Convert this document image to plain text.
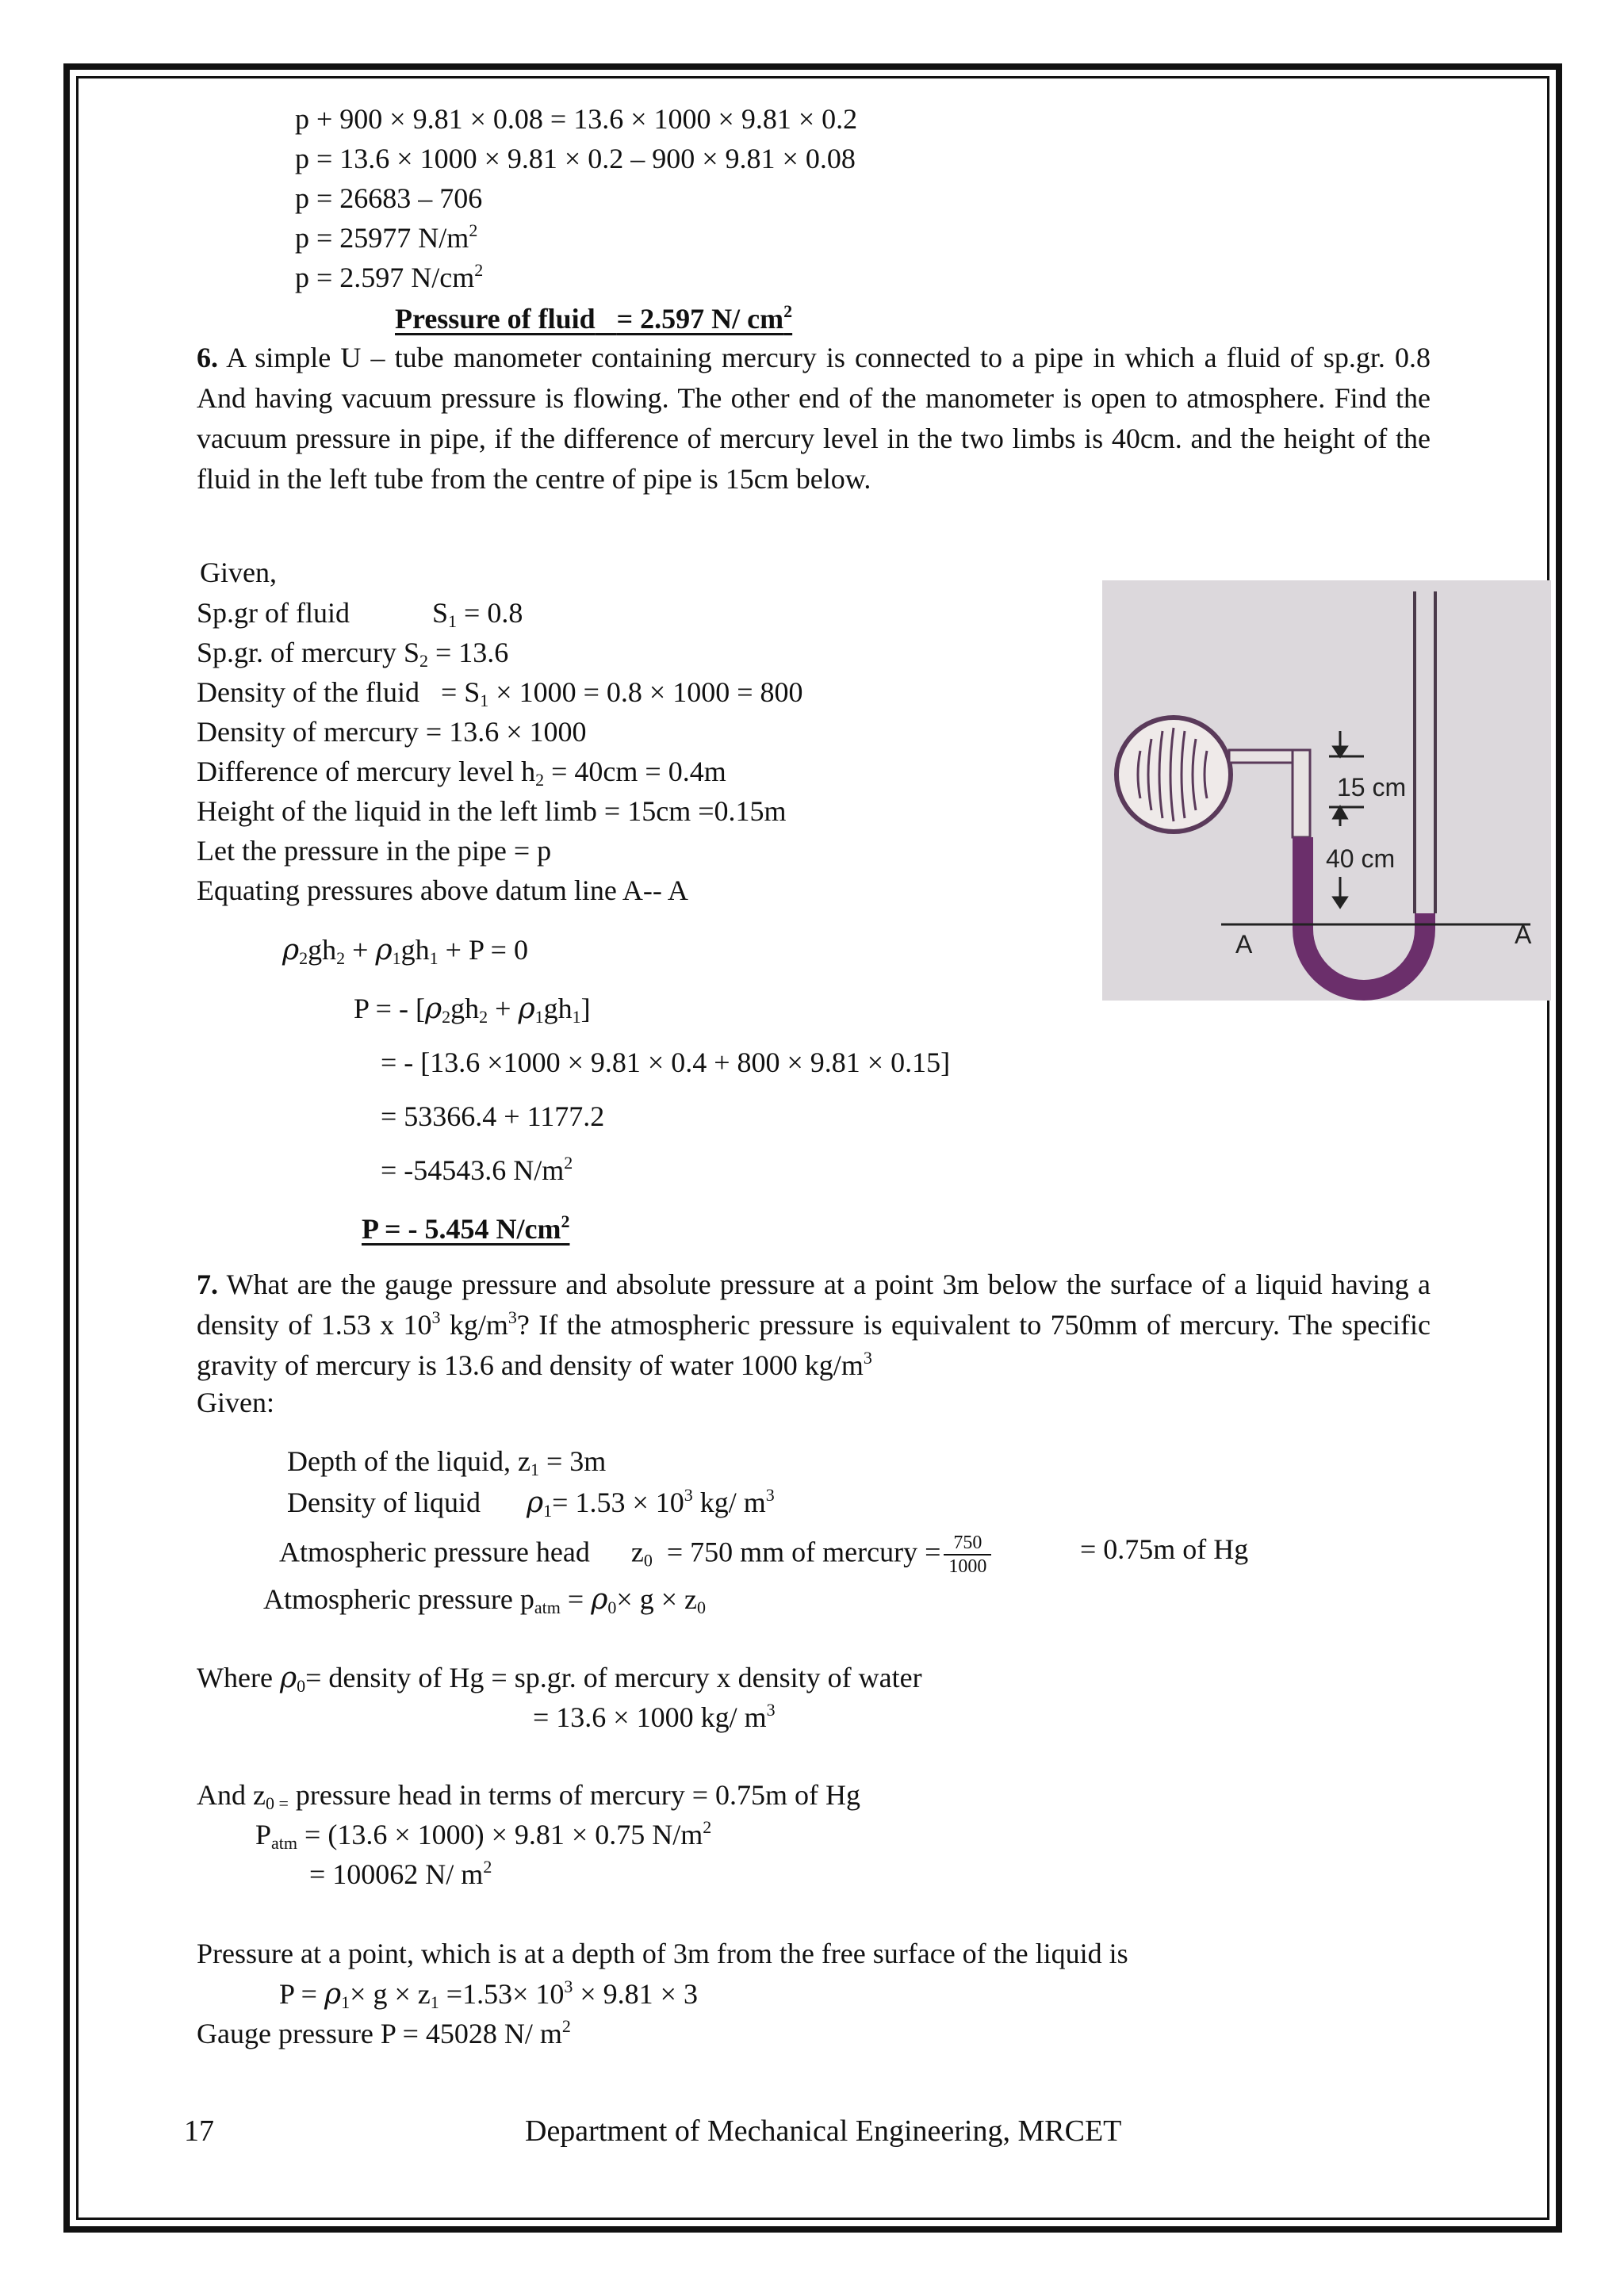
p + 900 × 9.81 × 0.08 = 13.6 × 1000 × 9.81 × 0.2
p = 13.6 × 1000 × 9.81 × 0.2 – 900 × 9.81 × 0.08
p = 26683 – 706
p = 25977 $N/m^2$
p = 2.597 $N/cm^2$
Pressure of fluid = 2.597 N/ $cm^2$
6. A simple U – tube manometer containing mercury is connected to a pipe in which a fluid of sp.gr. 0.8 And having vacuum pressure is flowing. The other end of the manometer is open to atmosphere. Find the vacuum pressure in pipe, if the difference of mercury level in the two limbs is 40cm. and the height of the fluid in the left tube from the centre of pipe is 15cm below.
Given,
Sp.gr of fluid	$S_1 = 0.8$
Sp.gr. of mercury $S_2 = 13.6$
Density of the fluid = $S_1 \times 1000 = 0.8 \times 1000 = 800$
Density of mercury = 13.6 × 1000
Difference of mercury level $h_2 = 40cm = 0.4m$
Height of the liquid in the left limb = 15cm =0.15m
Let the pressure in the pipe = p
Equating pressures above datum line A-- A
$\rho_2gh_2 + \rho_1gh_1 + P = 0$
P = - $[\rho_2gh_2 + \rho_1gh_1]$
= - [13.6 ×1000 × 9.81 × 0.4 + 800 × 9.81 × 0.15]
= 53366.4 + 1177.2
= -54543.6 $N/m^2$
P = - 5.454 $N/cm^2$
15 cm
40 cm
A	A
7. What are the gauge pressure and absolute pressure at a point 3m below the surface of a liquid having a density of 1.53 x $10^3$ $kg/m^3$? If the atmospheric pressure is equivalent to 750mm of mercury. The specific gravity of mercury is 13.6 and density of water 1000 $kg/m^3$
Given:
Depth of the liquid, $z_1 = 3m$
Density of liquid $\rho_1= 1.53 \times 10^3$ kg/ $m^3$
Atmospheric pressure head $z_0 = 750$ mm of mercury = $\frac{750}{1000}$	= 0.75m of Hg
Atmospheric pressure $p_{atm} = \rho_0\times g \times z_0$
Where $\rho_0=$ density of Hg = sp.gr. of mercury x density of water
= 13.6 × 1000 kg/ $m^3$
And $z_{0 =}$ pressure head in terms of mercury = 0.75m of Hg
$P_{atm} = (13.6 \times 1000) \times 9.81 \times 0.75$ $N/m^2$
= 100062 N/ $m^2$
Pressure at a point, which is at a depth of 3m from the free surface of the liquid is
$P = \rho_1\times g \times z_1 =1.53\times 10^3 \times 9.81 \times 3$
Gauge pressure P = 45028 N/ $m^2$
17	Department of Mechanical Engineering, MRCET
